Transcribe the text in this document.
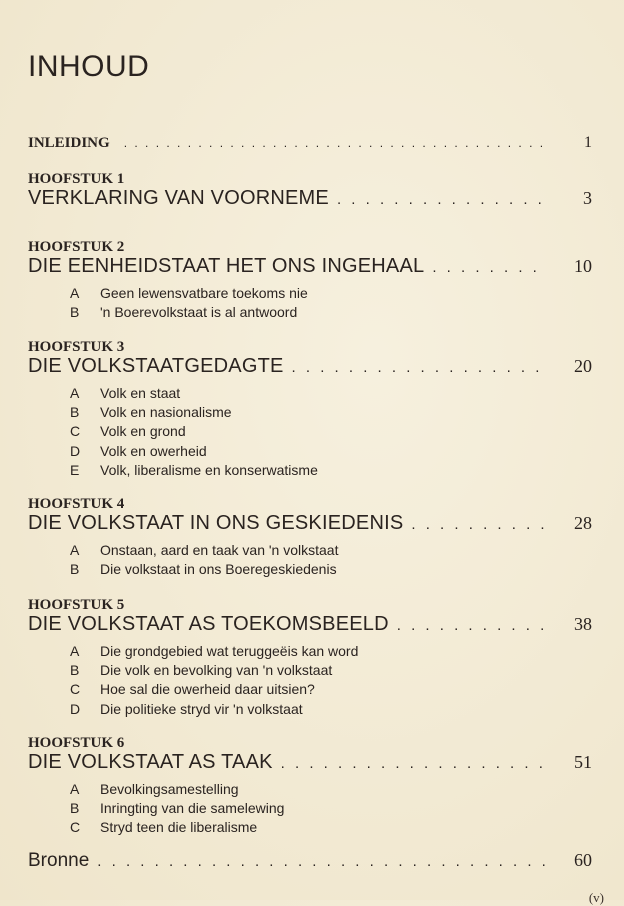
INHOUD
INLEIDING . . .	1
HOOFSTUK 1
VERKLARING VAN VOORNEME . . .	3
HOOFSTUK 2
DIE EENHEIDSTAAT HET ONS INGEHAAL . . .	10
A	Geen lewensvatbare toekoms nie
B	'n Boerevolkstaat is al antwoord
HOOFSTUK 3
DIE VOLKSTAATGEDAGTE . . .	20
A	Volk en staat
B	Volk en nasionalisme
C	Volk en grond
D	Volk en owerheid
E	Volk, liberalisme en konserwatisme
HOOFSTUK 4
DIE VOLKSTAAT IN ONS GESKIEDENIS . . .	28
A	Onstaan, aard en taak van 'n volkstaat
B	Die volkstaat in ons Boeregeskiedenis
HOOFSTUK 5
DIE VOLKSTAAT AS TOEKOMSBEELD . . .	38
A	Die grondgebied wat teruggeëis kan word
B	Die volk en bevolking van 'n volkstaat
C	Hoe sal die owerheid daar uitsien?
D	Die politieke stryd vir 'n volkstaat
HOOFSTUK 6
DIE VOLKSTAAT AS TAAK . . .	51
A	Bevolkingsamestelling
B	Inringting van die samelewing
C	Stryd teen die liberalisme
Bronne . . .	60
(v)
